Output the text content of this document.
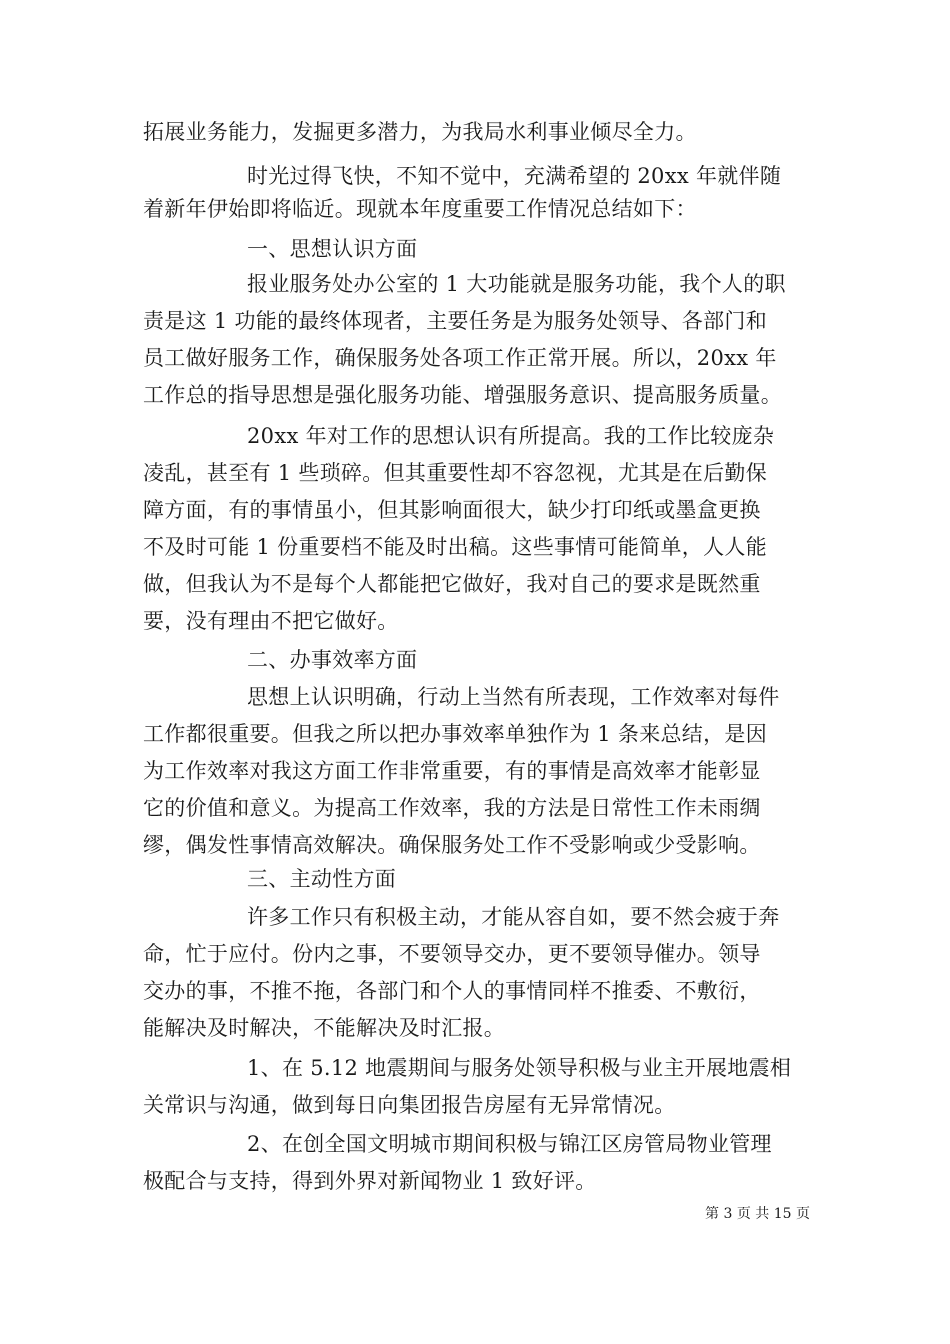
拓展业务能力，发掘更多潜力，为我局水利事业倾尽全力。
时光过得飞快，不知不觉中，充满希望的 20xx 年就伴随
着新年伊始即将临近。现就本年度重要工作情况总结如下：
一、思想认识方面
报业服务处办公室的 1 大功能就是服务功能，我个人的职
责是这 1 功能的最终体现者，主要任务是为服务处领导、各部门和
员工做好服务工作，确保服务处各项工作正常开展。所以，20xx 年
工作总的指导思想是强化服务功能、增强服务意识、提高服务质量。
20xx 年对工作的思想认识有所提高。我的工作比较庞杂
凌乱，甚至有 1 些琐碎。但其重要性却不容忽视，尤其是在后勤保
障方面，有的事情虽小，但其影响面很大，缺少打印纸或墨盒更换
不及时可能 1 份重要档不能及时出稿。这些事情可能简单，人人能
做，但我认为不是每个人都能把它做好，我对自己的要求是既然重
要，没有理由不把它做好。
二、办事效率方面
思想上认识明确，行动上当然有所表现，工作效率对每件
工作都很重要。但我之所以把办事效率单独作为 1 条来总结，是因
为工作效率对我这方面工作非常重要，有的事情是高效率才能彰显
它的价值和意义。为提高工作效率，我的方法是日常性工作未雨绸
缪，偶发性事情高效解决。确保服务处工作不受影响或少受影响。
三、主动性方面
许多工作只有积极主动，才能从容自如，要不然会疲于奔
命，忙于应付。份内之事，不要领导交办，更不要领导催办。领导
交办的事，不推不拖，各部门和个人的事情同样不推委、不敷衍，
能解决及时解决，不能解决及时汇报。
1、在 5.12 地震期间与服务处领导积极与业主开展地震相
关常识与沟通，做到每日向集团报告房屋有无异常情况。
2、在创全国文明城市期间积极与锦江区房管局物业管理
极配合与支持，得到外界对新闻物业 1 致好评。
第 3 页 共 15 页
